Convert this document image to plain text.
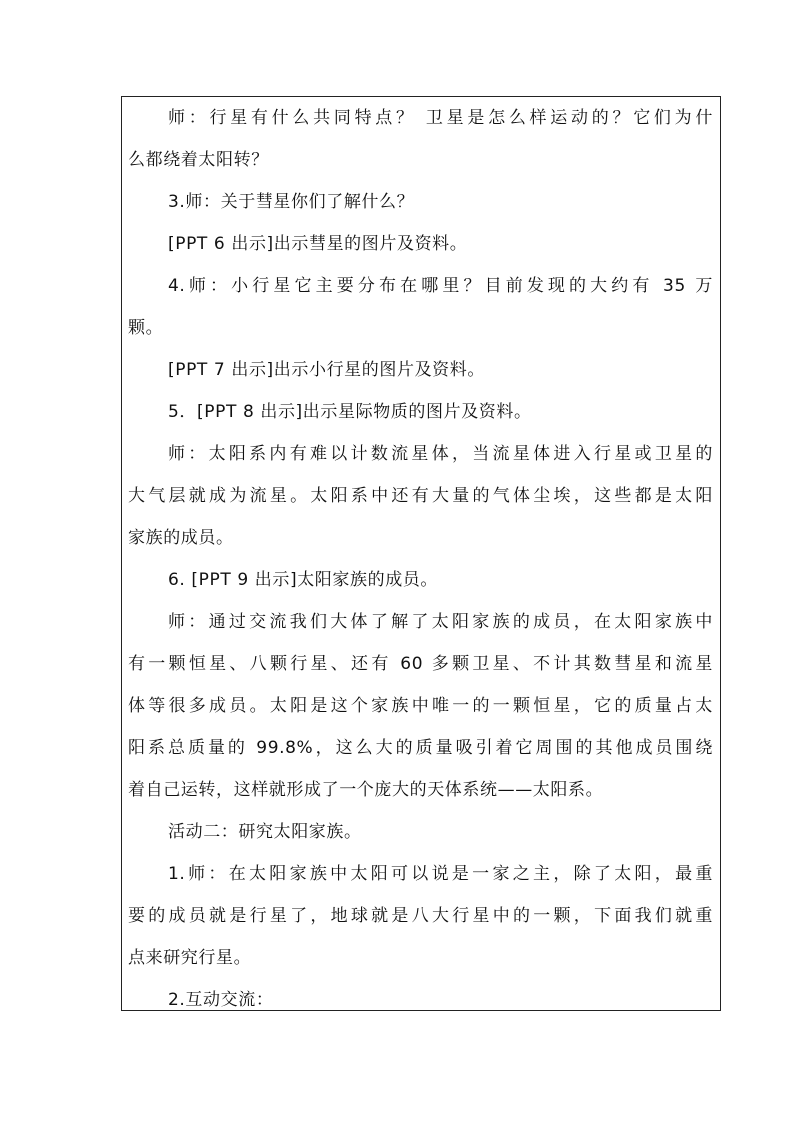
师：行星有什么共同特点？ 卫星是怎么样运动的？它们为什
么都绕着太阳转？
3.师：关于彗星你们了解什么？
[PPT 6 出示]出示彗星的图片及资料。
4.师：小行星它主要分布在哪里？目前发现的大约有 35 万
颗。
[PPT 7 出示]出示小行星的图片及资料。
5．[PPT 8 出示]出示星际物质的图片及资料。
师：太阳系内有难以计数流星体，当流星体进入行星或卫星的
大气层就成为流星。太阳系中还有大量的气体尘埃，这些都是太阳
家族的成员。
6. [PPT 9 出示]太阳家族的成员。
师：通过交流我们大体了解了太阳家族的成员，在太阳家族中
有一颗恒星、八颗行星、还有 60 多颗卫星、不计其数彗星和流星
体等很多成员。太阳是这个家族中唯一的一颗恒星，它的质量占太
阳系总质量的 99.8%，这么大的质量吸引着它周围的其他成员围绕
着自己运转，这样就形成了一个庞大的天体系统——太阳系。
活动二：研究太阳家族。
1.师：在太阳家族中太阳可以说是一家之主，除了太阳，最重
要的成员就是行星了，地球就是八大行星中的一颗，下面我们就重
点来研究行星。
2.互动交流：
